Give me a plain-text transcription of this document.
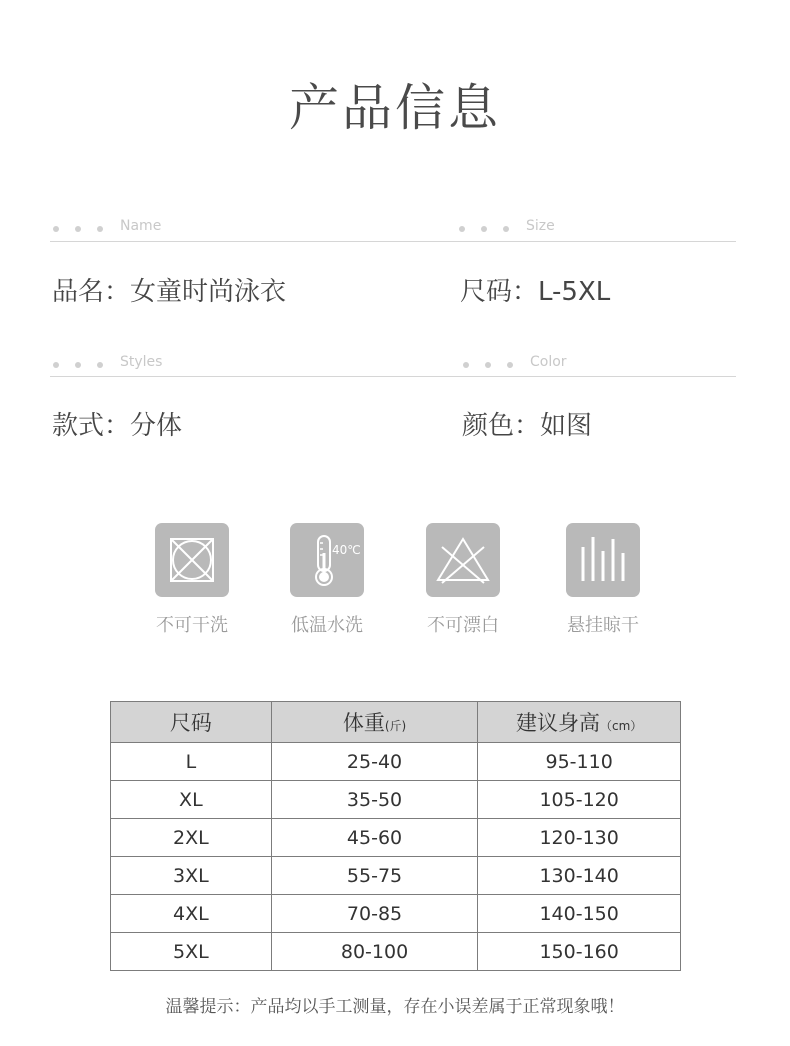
产品信息
Name	Size
品名：女童时尚泳衣	尺码：L-5XL
Styles	Color
款式：分体	颜色：如图
不可干洗
40℃
低温水洗	不可漂白	悬挂晾干
尺码	体重(斤)	建议身高（cm）
L	25-40	95-110
XL	35-50	105-120
2XL	45-60	120-130
3XL	55-75	130-140
4XL	70-85	140-150
5XL	80-100	150-160
温馨提示：产品均以手工测量，存在小误差属于正常现象哦！
